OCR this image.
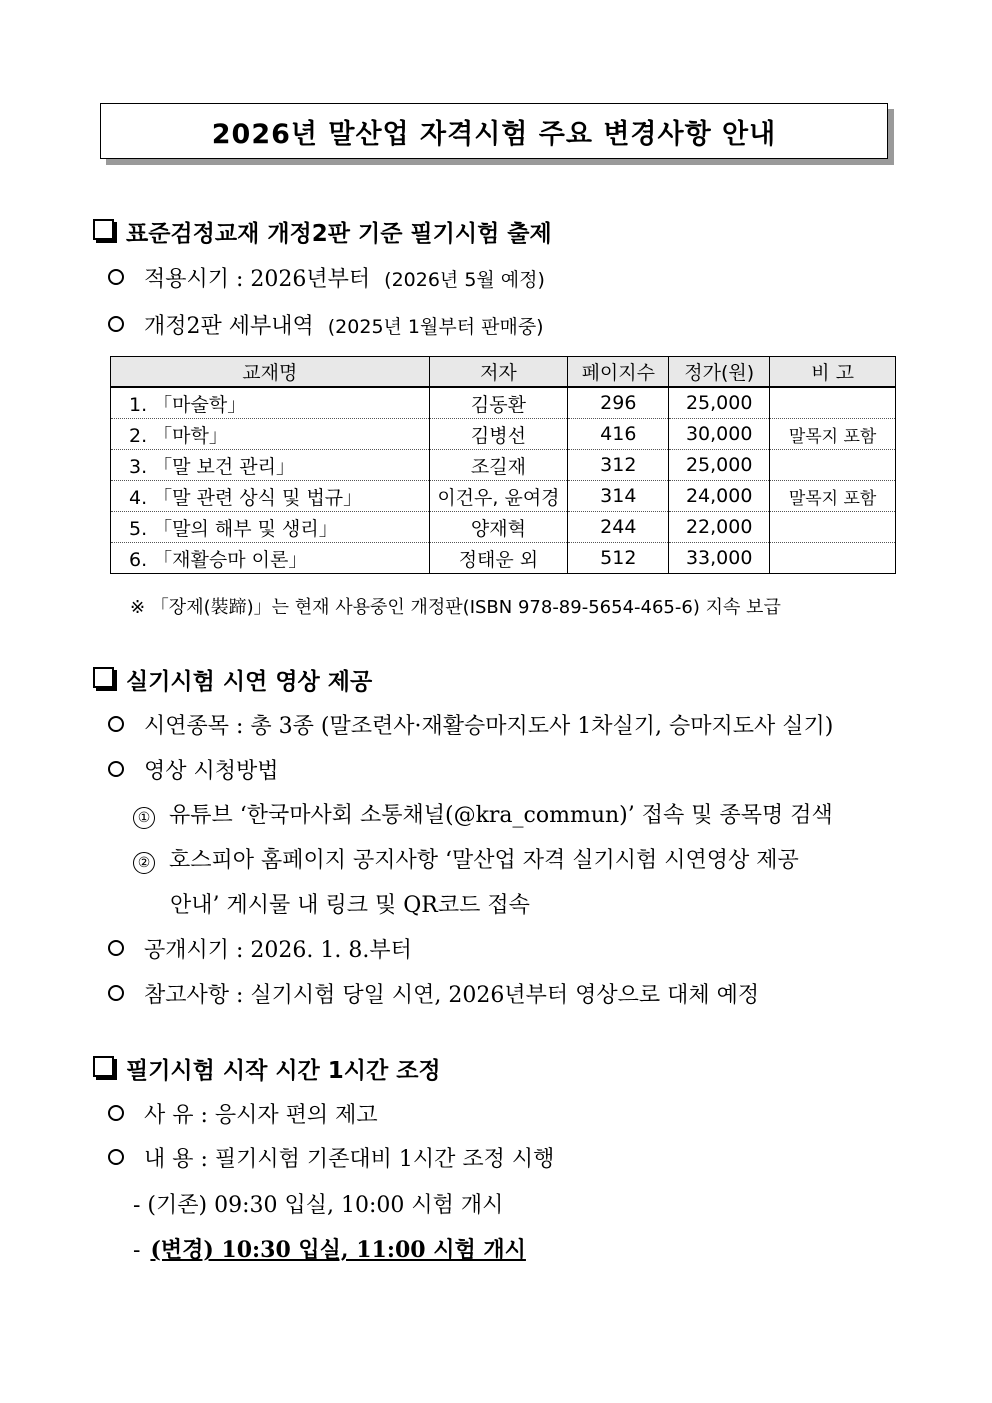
2026년 말산업 자격시험 주요 변경사항 안내
표준검정교재 개정2판 기준 필기시험 출제
적용시기 : 2026년부터 (2026년 5월 예정)
개정2판 세부내역 (2025년 1월부터 판매중)
교재명	저자	페이지수	정가(원)	비 고
1. 「마술학」	김동환	296	25,000	
2. 「마학」	김병선	416	30,000	말목지 포함
3. 「말 보건 관리」	조길재	312	25,000	
4. 「말 관련 상식 및 법규」	이건우, 윤여경	314	24,000	말목지 포함
5. 「말의 해부 및 생리」	양재혁	244	22,000	
6. 「재활승마 이론」	정태운 외	512	33,000	
※ 「장제(裝蹄)」는 현재 사용중인 개정판(ISBN 978-89-5654-465-6) 지속 보급
실기시험 시연 영상 제공
시연종목 : 총 3종 (말조련사·재활승마지도사 1차실기, 승마지도사 실기)
영상 시청방법
① 유튜브 ‘한국마사회 소통채널(@kra_commun)’ 접속 및 종목명 검색
② 호스피아 홈페이지 공지사항 ‘말산업 자격 실기시험 시연영상 제공
안내’ 게시물 내 링크 및 QR코드 접속
공개시기 : 2026. 1. 8.부터
참고사항 : 실기시험 당일 시연, 2026년부터 영상으로 대체 예정
필기시험 시작 시간 1시간 조정
사 유 : 응시자 편의 제고
내 용 : 필기시험 기존대비 1시간 조정 시행
- (기존) 09:30 입실, 10:00 시험 개시
- (변경) 10:30 입실, 11:00 시험 개시
